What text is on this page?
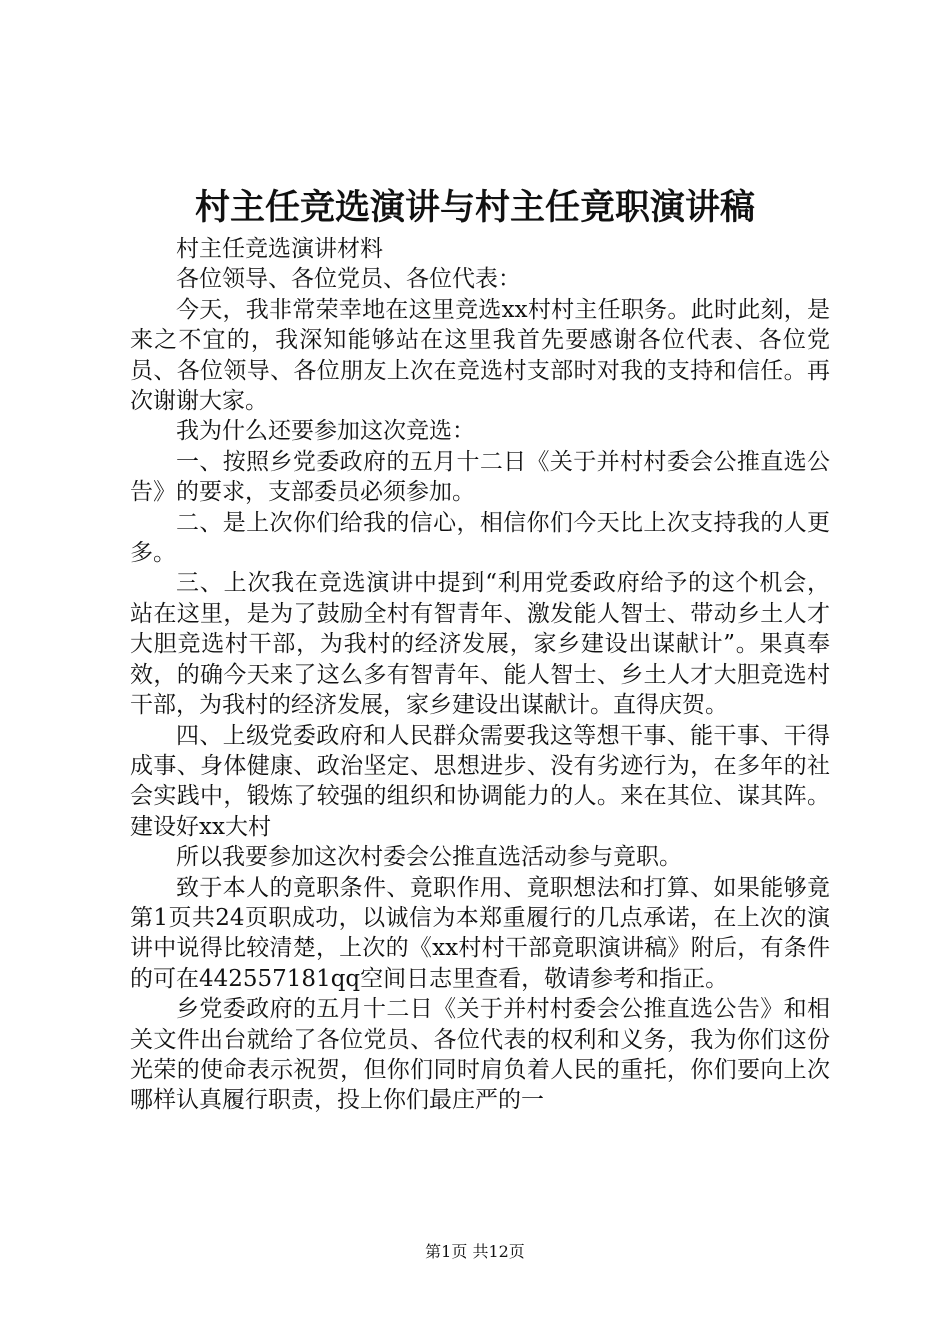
村主任竞选演讲与村主任竟职演讲稿

村主任竞选演讲材料

各位领导、各位党员、各位代表：

今天，我非常荣幸地在这里竞选xx村村主任职务。此时此刻，是来之不宜的，我深知能够站在这里我首先要感谢各位代表、各位党员、各位领导、各位朋友上次在竞选村支部时对我的支持和信任。再次谢谢大家。

我为什么还要参加这次竞选：

一、按照乡党委政府的五月十二日《关于并村村委会公推直选公告》的要求，支部委员必须参加。

二、是上次你们给我的信心，相信你们今天比上次支持我的人更多。

三、上次我在竞选演讲中提到“利用党委政府给予的这个机会，站在这里，是为了鼓励全村有智青年、激发能人智士、带动乡土人才大胆竞选村干部，为我村的经济发展，家乡建设出谋献计”。果真奉效，的确今天来了这么多有智青年、能人智士、乡土人才大胆竞选村干部，为我村的经济发展，家乡建设出谋献计。直得庆贺。

四、上级党委政府和人民群众需要我这等想干事、能干事、干得成事、身体健康、政治坚定、思想进步、没有劣迹行为，在多年的社会实践中，锻炼了较强的组织和协调能力的人。来在其位、谋其阵。建设好xx大村

所以我要参加这次村委会公推直选活动参与竟职。

致于本人的竟职条件、竟职作用、竟职想法和打算、如果能够竟第1页共24页职成功，以诚信为本郑重履行的几点承诺，在上次的演讲中说得比较清楚，上次的《xx村村干部竟职演讲稿》附后，有条件的可在442557181qq空间日志里查看，敬请参考和指正。

乡党委政府的五月十二日《关于并村村委会公推直选公告》和相关文件出台就给了各位党员、各位代表的权利和义务，我为你们这份光荣的使命表示祝贺，但你们同时肩负着人民的重托，你们要向上次哪样认真履行职责，投上你们最庄严的一

第1页 共12页
